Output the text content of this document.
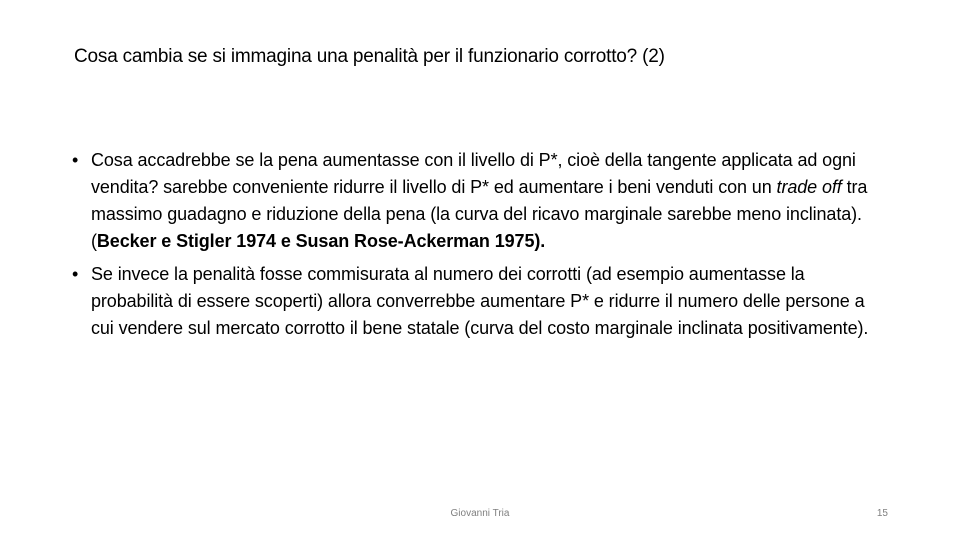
Cosa cambia se si immagina una penalità per il funzionario corrotto? (2)
• Cosa accadrebbe se la pena aumentasse con il livello di P*, cioè della tangente applicata ad ogni vendita? sarebbe conveniente ridurre il livello di P* ed aumentare i beni venduti con un trade off tra massimo guadagno e riduzione della pena (la curva del ricavo marginale sarebbe meno inclinata). (Becker e Stigler 1974 e Susan Rose-Ackerman 1975).
• Se invece la penalità fosse commisurata al numero dei corrotti (ad esempio aumentasse la probabilità di essere scoperti) allora converrebbe aumentare P* e ridurre il numero delle persone a cui vendere sul mercato corrotto il bene statale (curva del costo marginale inclinata positivamente).
Giovanni Tria	15
